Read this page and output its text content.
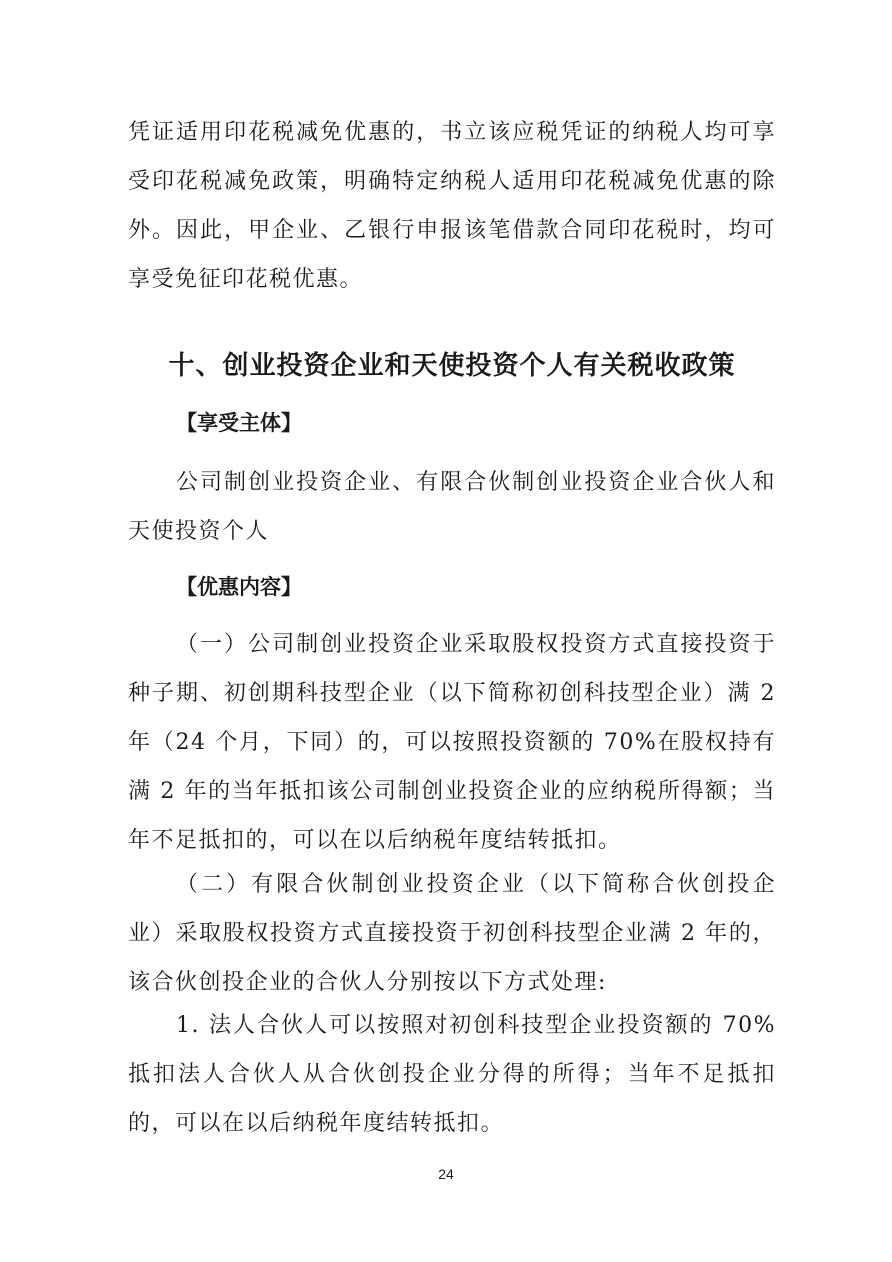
凭证适用印花税减免优惠的，书立该应税凭证的纳税人均可享受印花税减免政策，明确特定纳税人适用印花税减免优惠的除外。因此，甲企业、乙银行申报该笔借款合同印花税时，均可享受免征印花税优惠。

十、创业投资企业和天使投资个人有关税收政策
【享受主体】

公司制创业投资企业、有限合伙制创业投资企业合伙人和天使投资个人

【优惠内容】

（一）公司制创业投资企业采取股权投资方式直接投资于种子期、初创期科技型企业（以下简称初创科技型企业）满 2 年（24 个月，下同）的，可以按照投资额的 70%在股权持有满 2 年的当年抵扣该公司制创业投资企业的应纳税所得额；当年不足抵扣的，可以在以后纳税年度结转抵扣。

（二）有限合伙制创业投资企业（以下简称合伙创投企业）采取股权投资方式直接投资于初创科技型企业满 2 年的，该合伙创投企业的合伙人分别按以下方式处理:

1. 法人合伙人可以按照对初创科技型企业投资额的 70%抵扣法人合伙人从合伙创投企业分得的所得；当年不足抵扣的，可以在以后纳税年度结转抵扣。

24
